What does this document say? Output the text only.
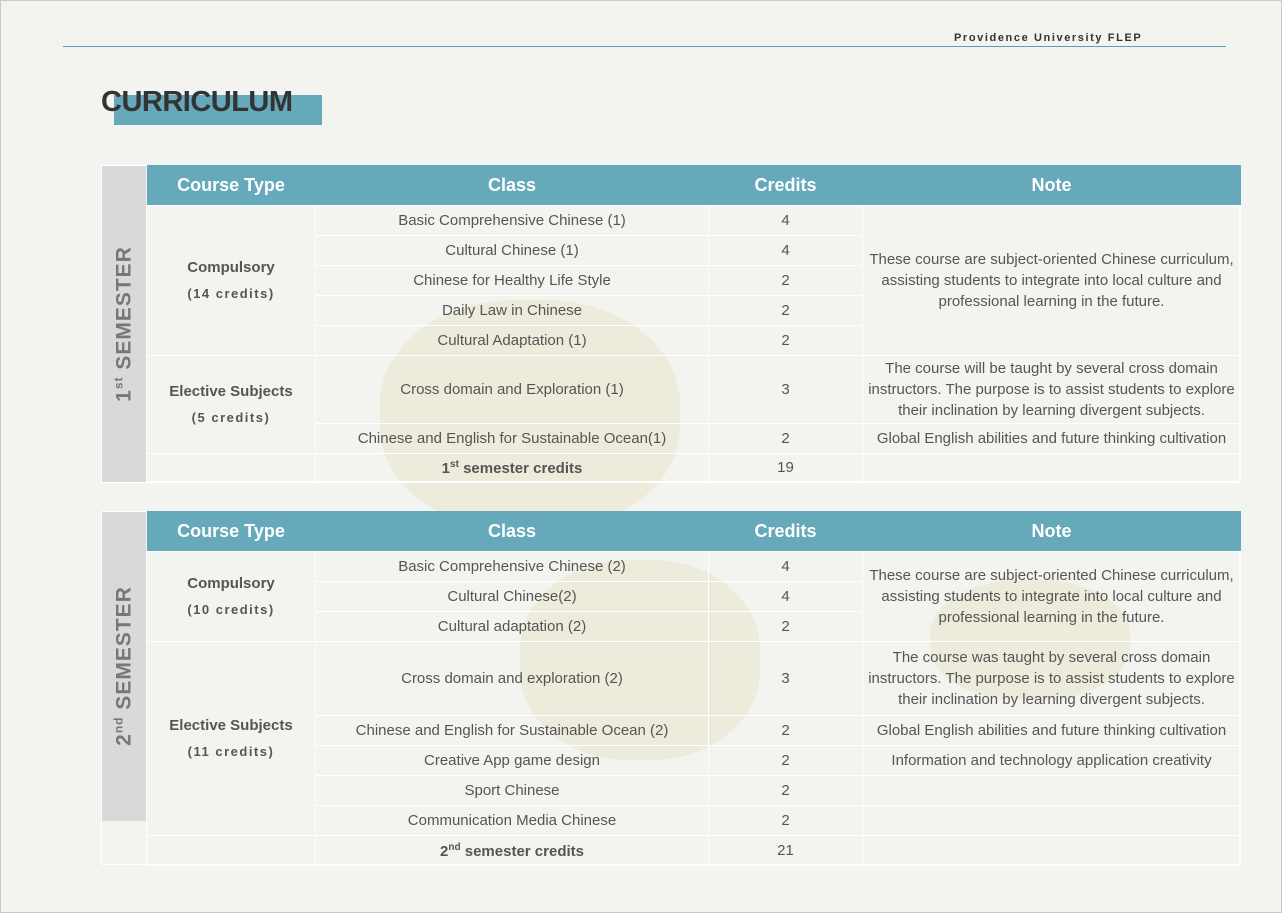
Providence University FLEP
CURRICULUM
1st SEMESTER
Course Type	Class	Credits	Note

Compulsory
(14 credits)	Basic Comprehensive Chinese (1)	4	These course are subject-oriented Chinese curriculum, assisting students to integrate into local culture and professional learning in the future.
	Cultural Chinese (1)	4	
	Chinese for Healthy Life Style	2	
	Daily Law in Chinese	2	
	Cultural Adaptation (1)	2	

Elective Subjects
(5 credits)	Cross domain and Exploration (1)	3	The course will be taught by several cross domain instructors. The purpose is to assist students to explore their inclination by learning divergent subjects.
	Chinese and English for Sustainable Ocean(1)	2	Global English abilities and future thinking cultivation
	1st semester credits	19	
2nd SEMESTER
Course Type	Class	Credits	Note

Compulsory
(10 credits)	Basic Comprehensive Chinese (2)	4	These course are subject-oriented Chinese curriculum, assisting students to integrate into local culture and professional learning in the future.
	Cultural Chinese(2)	4	
	Cultural adaptation (2)	2	

Elective Subjects
(11 credits)	Cross domain and exploration (2)	3	The course was taught by several cross domain instructors. The purpose is to assist students to explore their inclination by learning divergent subjects.
	Chinese and English for Sustainable Ocean (2)	2	Global English abilities and future thinking cultivation
	Creative App game design	2	Information and technology application creativity
	Sport Chinese	2	
	Communication Media Chinese	2	
	2nd semester credits	21	
